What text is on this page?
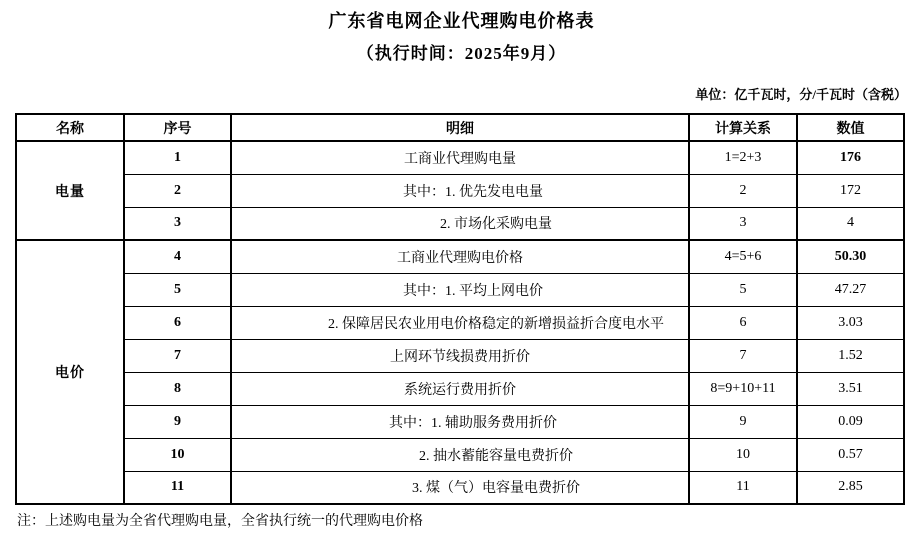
广东省电网企业代理购电价格表
（执行时间：2025年9月）
单位：亿千瓦时，分/千瓦时（含税）
名称	序号	明细	计算关系	数值
电量	1	工商业代理购电量	1=2+3	176
	2	其中：1. 优先发电电量	2	172
	3	2. 市场化采购电量	3	4
电价	4	工商业代理购电价格	4=5+6	50.30
	5	其中：1. 平均上网电价	5	47.27
	6	2. 保障居民农业用电价格稳定的新增损益折合度电水平	6	3.03
	7	上网环节线损费用折价	7	1.52
	8	系统运行费用折价	8=9+10+11	3.51
	9	其中：1. 辅助服务费用折价	9	0.09
	10	2. 抽水蓄能容量电费折价	10	0.57
	11	3. 煤（气）电容量电费折价	11	2.85
注：上述购电量为全省代理购电量，全省执行统一的代理购电价格
